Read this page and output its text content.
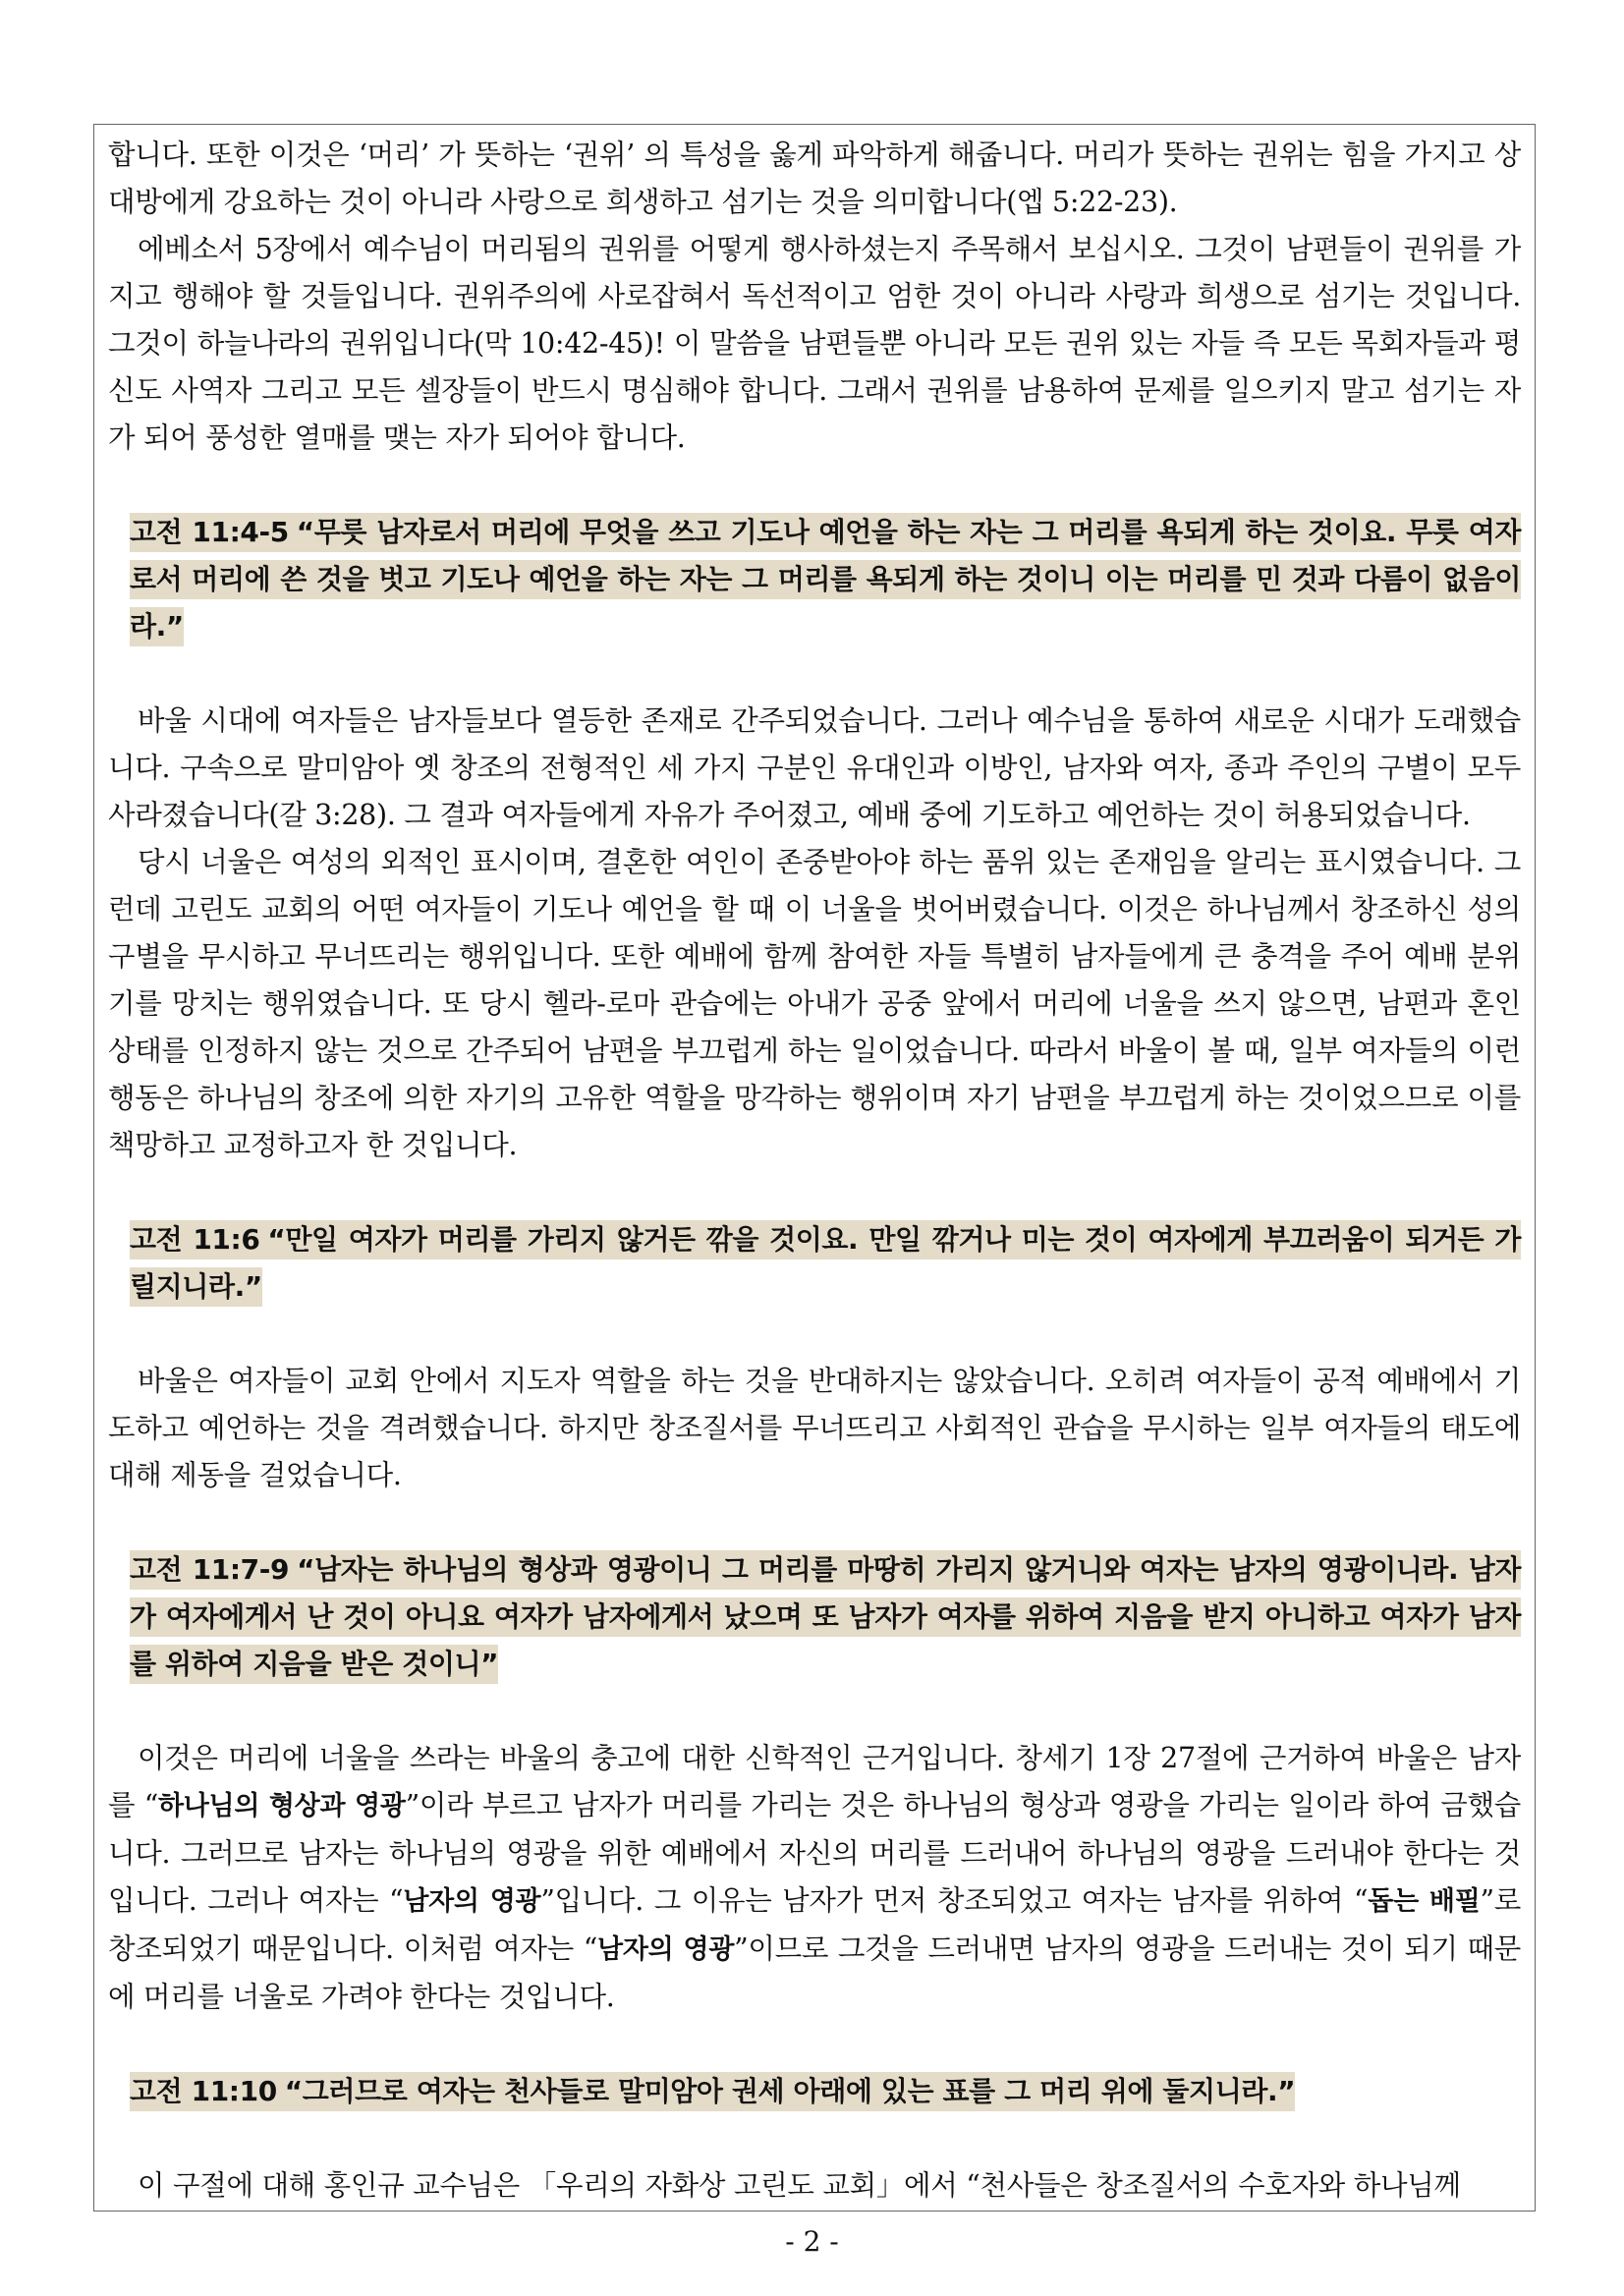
합니다. 또한 이것은 ‘머리’ 가 뜻하는 ‘권위’ 의 특성을 옳게 파악하게 해줍니다. 머리가 뜻하는 권위는 힘을 가지고 상대방에게 강요하는 것이 아니라 사랑으로 희생하고 섬기는 것을 의미합니다(엡 5:22-23).

에베소서 5장에서 예수님이 머리됨의 권위를 어떻게 행사하셨는지 주목해서 보십시오. 그것이 남편들이 권위를 가지고 행해야 할 것들입니다. 권위주의에 사로잡혀서 독선적이고 엄한 것이 아니라 사랑과 희생으로 섬기는 것입니다. 그것이 하늘나라의 권위입니다(막 10:42-45)! 이 말씀을 남편들뿐 아니라 모든 권위 있는 자들 즉 모든 목회자들과 평신도 사역자 그리고 모든 셀장들이 반드시 명심해야 합니다. 그래서 권위를 남용하여 문제를 일으키지 말고 섬기는 자가 되어 풍성한 열매를 맺는 자가 되어야 합니다.

고전 11:4-5 “무릇 남자로서 머리에 무엇을 쓰고 기도나 예언을 하는 자는 그 머리를 욕되게 하는 것이요. 무릇 여자로서 머리에 쓴 것을 벗고 기도나 예언을 하는 자는 그 머리를 욕되게 하는 것이니 이는 머리를 민 것과 다름이 없음이라.”

바울 시대에 여자들은 남자들보다 열등한 존재로 간주되었습니다. 그러나 예수님을 통하여 새로운 시대가 도래했습니다. 구속으로 말미암아 옛 창조의 전형적인 세 가지 구분인 유대인과 이방인, 남자와 여자, 종과 주인의 구별이 모두 사라졌습니다(갈 3:28). 그 결과 여자들에게 자유가 주어졌고, 예배 중에 기도하고 예언하는 것이 허용되었습니다.

당시 너울은 여성의 외적인 표시이며, 결혼한 여인이 존중받아야 하는 품위 있는 존재임을 알리는 표시였습니다. 그런데 고린도 교회의 어떤 여자들이 기도나 예언을 할 때 이 너울을 벗어버렸습니다. 이것은 하나님께서 창조하신 성의 구별을 무시하고 무너뜨리는 행위입니다. 또한 예배에 함께 참여한 자들 특별히 남자들에게 큰 충격을 주어 예배 분위기를 망치는 행위였습니다. 또 당시 헬라-로마 관습에는 아내가 공중 앞에서 머리에 너울을 쓰지 않으면, 남편과 혼인 상태를 인정하지 않는 것으로 간주되어 남편을 부끄럽게 하는 일이었습니다. 따라서 바울이 볼 때, 일부 여자들의 이런 행동은 하나님의 창조에 의한 자기의 고유한 역할을 망각하는 행위이며 자기 남편을 부끄럽게 하는 것이었으므로 이를 책망하고 교정하고자 한 것입니다.

고전 11:6 “만일 여자가 머리를 가리지 않거든 깎을 것이요. 만일 깎거나 미는 것이 여자에게 부끄러움이 되거든 가릴지니라.”

바울은 여자들이 교회 안에서 지도자 역할을 하는 것을 반대하지는 않았습니다. 오히려 여자들이 공적 예배에서 기도하고 예언하는 것을 격려했습니다. 하지만 창조질서를 무너뜨리고 사회적인 관습을 무시하는 일부 여자들의 태도에 대해 제동을 걸었습니다.

고전 11:7-9 “남자는 하나님의 형상과 영광이니 그 머리를 마땅히 가리지 않거니와 여자는 남자의 영광이니라. 남자가 여자에게서 난 것이 아니요 여자가 남자에게서 났으며 또 남자가 여자를 위하여 지음을 받지 아니하고 여자가 남자를 위하여 지음을 받은 것이니”

이것은 머리에 너울을 쓰라는 바울의 충고에 대한 신학적인 근거입니다. 창세기 1장 27절에 근거하여 바울은 남자를 “하나님의 형상과 영광”이라 부르고 남자가 머리를 가리는 것은 하나님의 형상과 영광을 가리는 일이라 하여 금했습니다. 그러므로 남자는 하나님의 영광을 위한 예배에서 자신의 머리를 드러내어 하나님의 영광을 드러내야 한다는 것입니다. 그러나 여자는 “남자의 영광”입니다. 그 이유는 남자가 먼저 창조되었고 여자는 남자를 위하여 “돕는 배필”로 창조되었기 때문입니다. 이처럼 여자는 “남자의 영광”이므로 그것을 드러내면 남자의 영광을 드러내는 것이 되기 때문에 머리를 너울로 가려야 한다는 것입니다.

고전 11:10 “그러므로 여자는 천사들로 말미암아 권세 아래에 있는 표를 그 머리 위에 둘지니라.”

이 구절에 대해 홍인규 교수님은 「우리의 자화상 고린도 교회」에서 “천사들은 창조질서의 수호자와 하나님께

- 2 -
